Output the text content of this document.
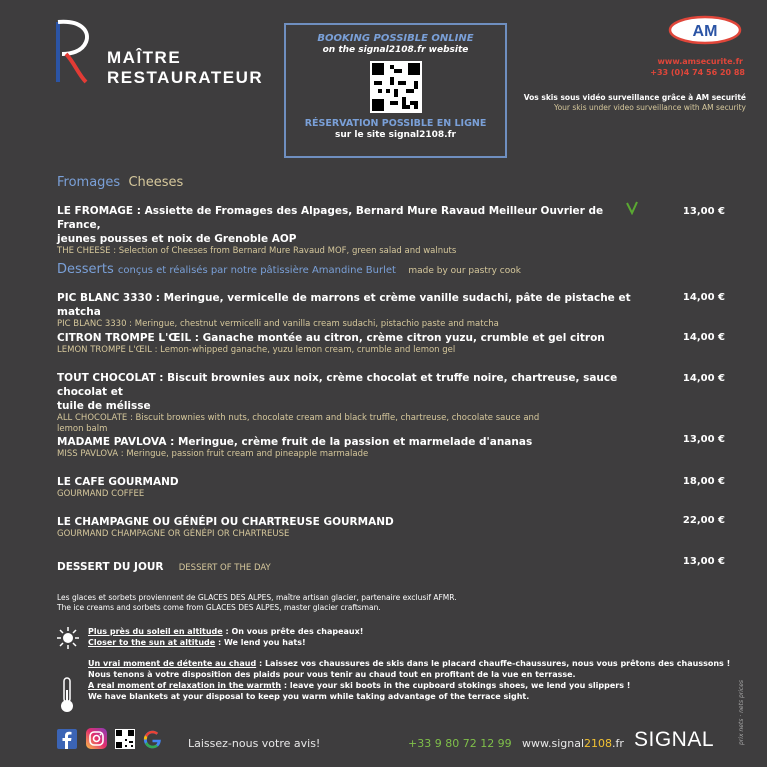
MAÎTRE
RESTAURATEUR
BOOKING POSSIBLE ONLINE
on the signal2108.fr website
RÉSERVATION POSSIBLE EN LIGNE
sur le site signal2108.fr
AM
www.amsecurite.fr
+33 (0)4 74 56 20 88
Vos skis sous vidéo surveillance grâce à AM securité
Your skis under video surveillance with AM security
Fromages Cheeses
LE FROMAGE : Assiette de Fromages des Alpages, Bernard Mure Ravaud Meilleur Ouvrier de France,
jeunes pousses et noix de Grenoble AOP
THE CHEESE : Selection of Cheeses from Bernard Mure Ravaud MOF, green salad and walnuts
13,00 €
Desserts conçus et réalisés par notre pâtissière Amandine Burlet made by our pastry cook
PIC BLANC 3330 : Meringue, vermicelle de marrons et crème vanille sudachi, pâte de pistache et matcha
PIC BLANC 3330 : Meringue, chestnut vermicelli and vanilla cream sudachi, pistachio paste and matcha
14,00 €
CITRON TROMPE L'ŒIL : Ganache montée au citron, crème citron yuzu, crumble et gel citron
LEMON TROMPE L'ŒIL : Lemon-whipped ganache, yuzu lemon cream, crumble and lemon gel
14,00 €
TOUT CHOCOLAT : Biscuit brownies aux noix, crème chocolat et truffe noire, chartreuse, sauce chocolat et
tuile de mélisse
ALL CHOCOLATE : Biscuit brownies with nuts, chocolate cream and black truffle, chartreuse, chocolate sauce and
lemon balm
14,00 €
MADAME PAVLOVA : Meringue, crème fruit de la passion et marmelade d'ananas
MISS PAVLOVA : Meringue, passion fruit cream and pineapple marmalade
13,00 €
LE CAFE GOURMAND
GOURMAND COFFEE
18,00 €
LE CHAMPAGNE OU GÉNÉPI OU CHARTREUSE GOURMAND
GOURMAND CHAMPAGNE OR GÉNÉPI OR CHARTREUSE
22,00 €
DESSERT DU JOUR DESSERT OF THE DAY
13,00 €
Les glaces et sorbets proviennent de GLACES DES ALPES, maître artisan glacier, partenaire exclusif AFMR.
The ice creams and sorbets come from GLACES DES ALPES, master glacier craftsman.
Plus près du soleil en altitude : On vous prête des chapeaux!
Closer to the sun at altitude : We lend you hats!
Un vrai moment de détente au chaud : Laissez vos chaussures de skis dans le placard chauffe-chaussures, nous vous prêtons des chaussons !
Nous tenons à votre disposition des plaids pour vous tenir au chaud tout en profitant de la vue en terrasse.
A real moment of relaxation in the warmth : leave your ski boots in the cupboard stokings shoes, we lend you slippers !
We have blankets at your disposal to keep you warm while taking advantage of the terrace sight.
Laissez-nous votre avis!	+33 9 80 72 12 99 www.signal2108.fr SIGNAL	prix nets · nets prices
